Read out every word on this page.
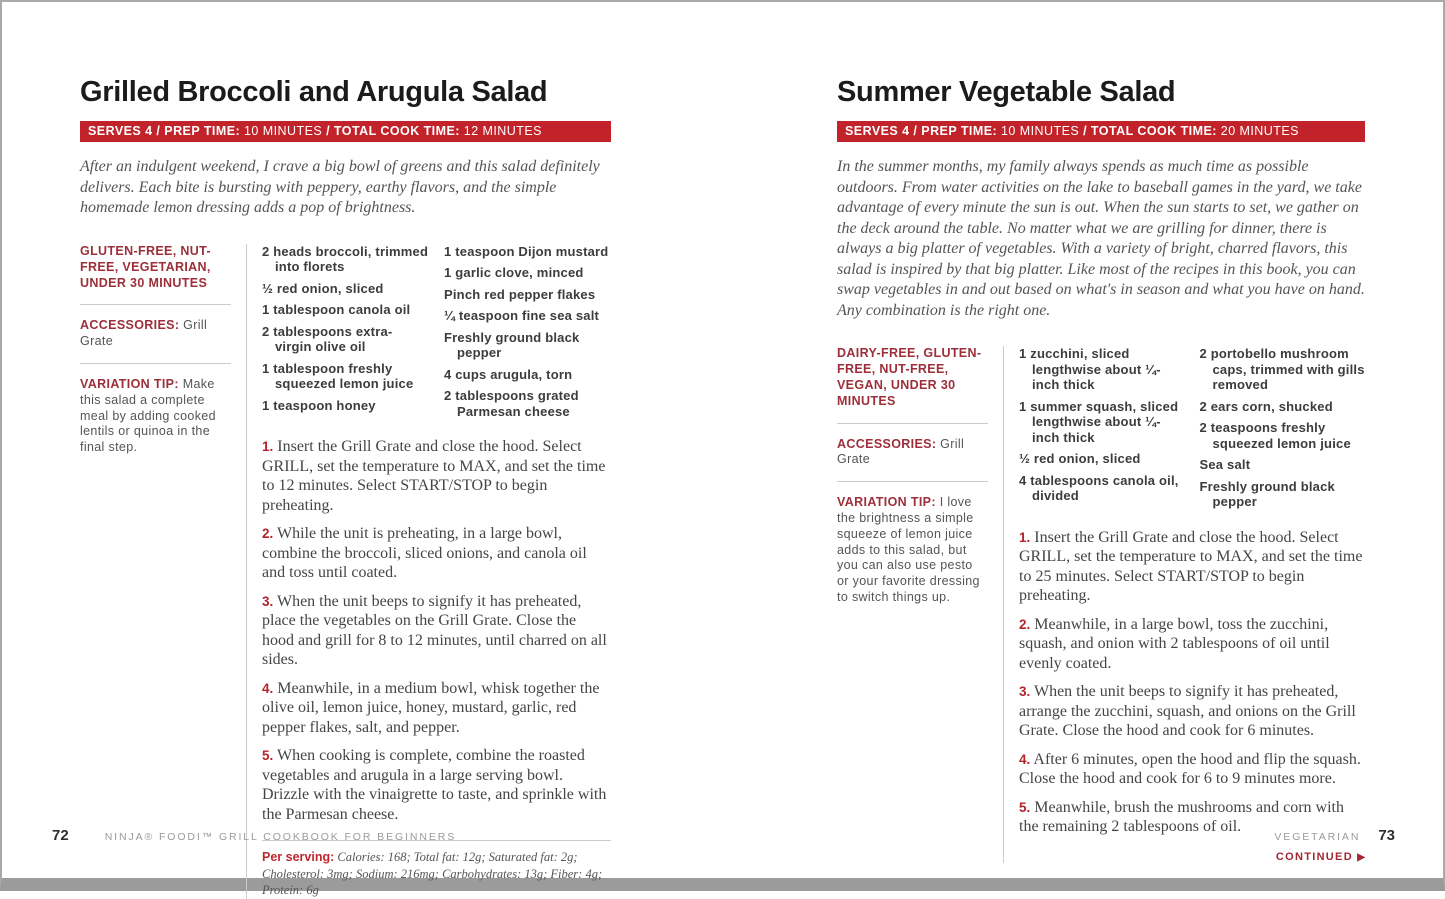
Grilled Broccoli and Arugula Salad
SERVES 4 / PREP TIME: 10 MINUTES / TOTAL COOK TIME: 12 MINUTES

After an indulgent weekend, I crave a big bowl of greens and this salad definitely delivers. Each bite is bursting with peppery, earthy flavors, and the simple homemade lemon dressing adds a pop of brightness.

GLUTEN-FREE, NUT-FREE, VEGETARIAN, UNDER 30 MINUTES
ACCESSORIES: Grill Grate
VARIATION TIP: Make this salad a complete meal by adding cooked lentils or quinoa in the final step.
2 heads broccoli, trimmed into florets
½ red onion, sliced
1 tablespoon canola oil
2 tablespoons extra-virgin olive oil
1 tablespoon freshly squeezed lemon juice
1 teaspoon honey
1 teaspoon Dijon mustard
1 garlic clove, minced
Pinch red pepper flakes
¼ teaspoon fine sea salt
Freshly ground black pepper
4 cups arugula, torn
2 tablespoons grated Parmesan cheese

1. Insert the Grill Grate and close the hood. Select GRILL, set the temperature to MAX, and set the time to 12 minutes. Select START/STOP to begin preheating.

2. While the unit is preheating, in a large bowl, combine the broccoli, sliced onions, and canola oil and toss until coated.

3. When the unit beeps to signify it has preheated, place the vegetables on the Grill Grate. Close the hood and grill for 8 to 12 minutes, until charred on all sides.

4. Meanwhile, in a medium bowl, whisk together the olive oil, lemon juice, honey, mustard, garlic, red pepper flakes, salt, and pepper.

5. When cooking is complete, combine the roasted vegetables and arugula in a large serving bowl. Drizzle with the vinaigrette to taste, and sprinkle with the Parmesan cheese.

Per serving: Calories: 168; Total fat: 12g; Saturated fat: 2g; Cholesterol: 3mg; Sodium: 216mg; Carbohydrates: 13g; Fiber: 4g; Protein: 6g
Summer Vegetable Salad
SERVES 4 / PREP TIME: 10 MINUTES / TOTAL COOK TIME: 20 MINUTES

In the summer months, my family always spends as much time as possible outdoors. From water activities on the lake to baseball games in the yard, we take advantage of every minute the sun is out. When the sun starts to set, we gather on the deck around the table. No matter what we are grilling for dinner, there is always a big platter of vegetables. With a variety of bright, charred flavors, this salad is inspired by that big platter. Like most of the recipes in this book, you can swap vegetables in and out based on what's in season and what you have on hand. Any combination is the right one.

DAIRY-FREE, GLUTEN-FREE, NUT-FREE, VEGAN, UNDER 30 MINUTES
ACCESSORIES: Grill Grate
VARIATION TIP: I love the brightness a simple squeeze of lemon juice adds to this salad, but you can also use pesto or your favorite dressing to switch things up.
1 zucchini, sliced lengthwise about ¼-inch thick
1 summer squash, sliced lengthwise about ¼-inch thick
½ red onion, sliced
4 tablespoons canola oil, divided
2 portobello mushroom caps, trimmed with gills removed
2 ears corn, shucked
2 teaspoons freshly squeezed lemon juice
Sea salt
Freshly ground black pepper

1. Insert the Grill Grate and close the hood. Select GRILL, set the temperature to MAX, and set the time to 25 minutes. Select START/STOP to begin preheating.

2. Meanwhile, in a large bowl, toss the zucchini, squash, and onion with 2 tablespoons of oil until evenly coated.

3. When the unit beeps to signify it has preheated, arrange the zucchini, squash, and onions on the Grill Grate. Close the hood and cook for 6 minutes.

4. After 6 minutes, open the hood and flip the squash. Close the hood and cook for 6 to 9 minutes more.

5. Meanwhile, brush the mushrooms and corn with the remaining 2 tablespoons of oil.

CONTINUED ▶
72	NINJA® FOODI™ GRILL COOKBOOK FOR BEGINNERS	VEGETARIAN 73
